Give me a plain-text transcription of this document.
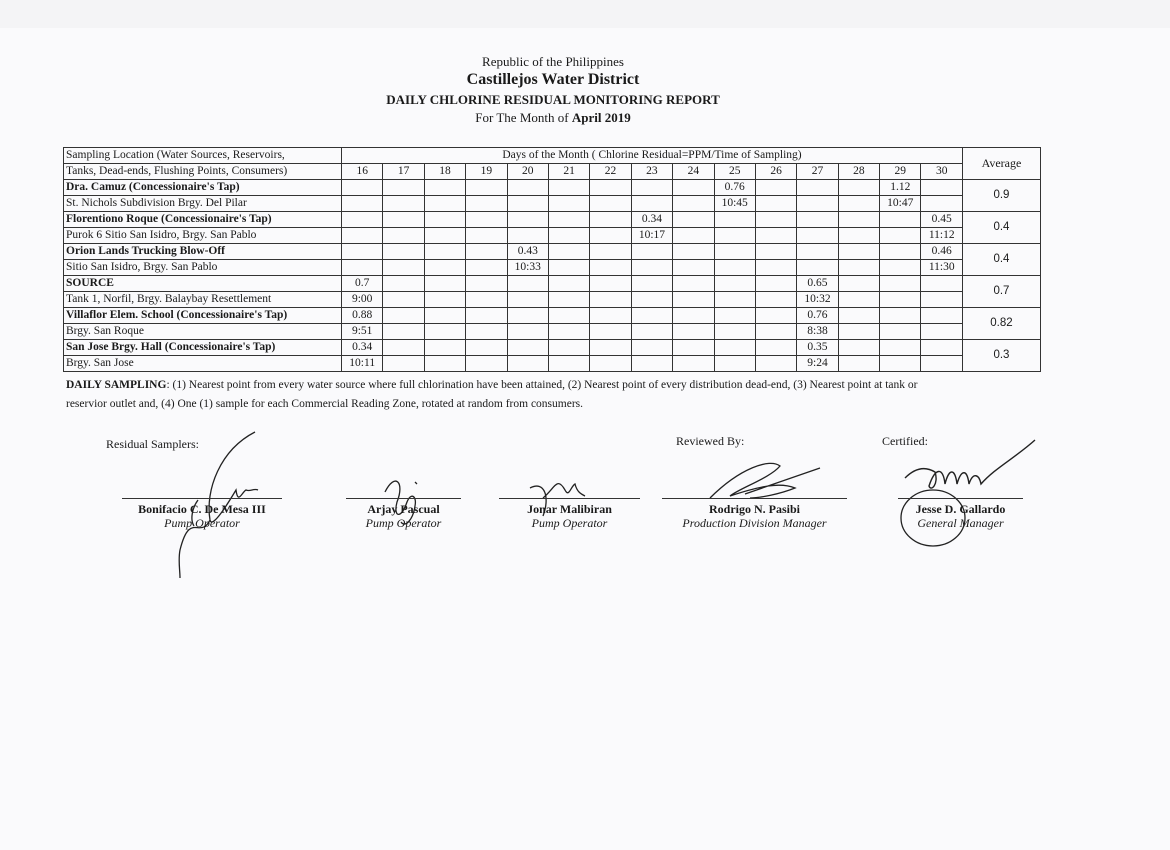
Republic of the Philippines
Castillejos Water District
DAILY CHLORINE RESIDUAL MONITORING REPORT
For The Month of April 2019
Sampling Location (Water Sources, Reservoirs,	Days of the Month ( Chlorine Residual=PPM/Time of Sampling)															Average
Tanks, Dead-ends, Flushing Points, Consumers)	16	17	18	19	20	21	22	23	24	25	26	27	28	29	30	
Dra. Camuz (Concessionaire's Tap)										0.76				1.12		0.9
St. Nichols Subdivision Brgy. Del Pilar										10:45				10:47		
Florentiono Roque (Concessionaire's Tap)								0.34							0.45	0.4
Purok 6 Sitio San Isidro, Brgy. San Pablo								10:17							11:12	
Orion Lands Trucking Blow-Off					0.43										0.46	0.4
Sitio San Isidro, Brgy. San Pablo					10:33										11:30	
SOURCE	0.7											0.65				0.7
Tank 1, Norfil, Brgy. Balaybay Resettlement	9:00											10:32				
Villaflor Elem. School (Concessionaire's Tap)	0.88											0.76				0.82
Brgy. San Roque	9:51											8:38				
San Jose Brgy. Hall (Concessionaire's Tap)	0.34											0.35				0.3
Brgy. San Jose	10:11											9:24				
DAILY SAMPLING: (1) Nearest point from every water source where full chlorination have been attained, (2) Nearest point of every distribution dead-end, (3) Nearest point at tank or reservior outlet and, (4) One (1) sample for each Commercial Reading Zone, rotated at random from consumers.
Residual Samplers:	Reviewed By:	Certified:
Bonifacio C. De Mesa III
Pump Operator
Arjay Pascual
Pump Operator
Jonar Malibiran
Pump Operator
Rodrigo N. Pasibi
Production Division Manager
Jesse D. Gallardo
General Manager
